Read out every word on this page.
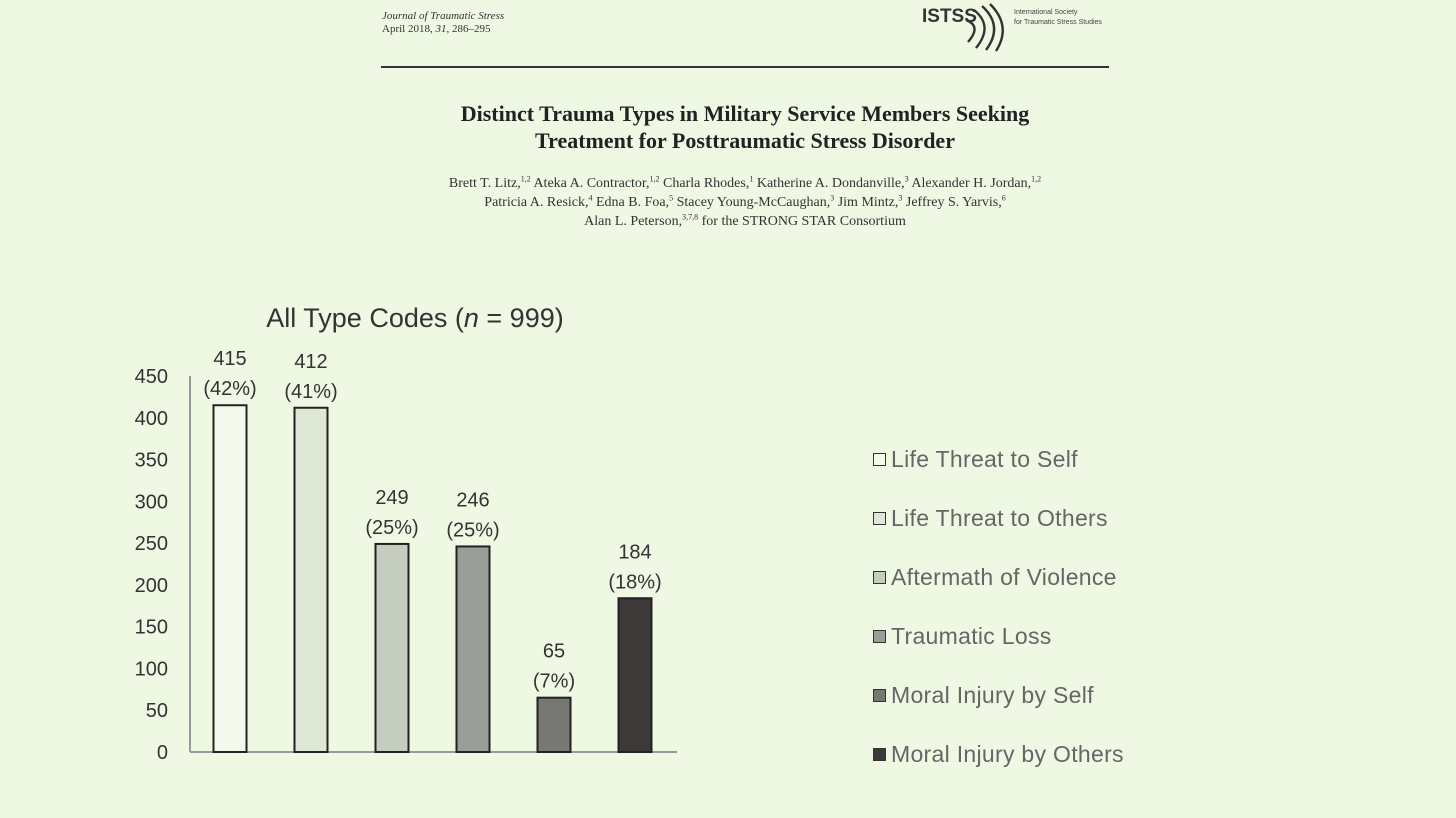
Journal of Traumatic Stress
April 2018, 31, 286–295
ISTSS	International Society
for Traumatic Stress Studies
Distinct Trauma Types in Military Service Members Seeking
Treatment for Posttraumatic Stress Disorder
Brett T. Litz,$^{1,2}$ Ateka A. Contractor,$^{1,2}$ Charla Rhodes,$^1$ Katherine A. Dondanville,$^3$ Alexander H. Jordan,$^{1,2}$
Patricia A. Resick,$^4$ Edna B. Foa,$^5$ Stacey Young-McCaughan,$^3$ Jim Mintz,$^3$ Jeffrey S. Yarvis,$^6$
Alan L. Peterson,$^{3,7,8}$ for the STRONG STAR Consortium
All Type Codes (n = 999)
0
50
100
150
200
250
300
350
400
450
415
(42%)
412
(41%)
249
(25%)
246
(25%)
65
(7%)
184
(18%)
Life Threat to Self
Life Threat to Others
Aftermath of Violence
Traumatic Loss
Moral Injury by Self
Moral Injury by Others
